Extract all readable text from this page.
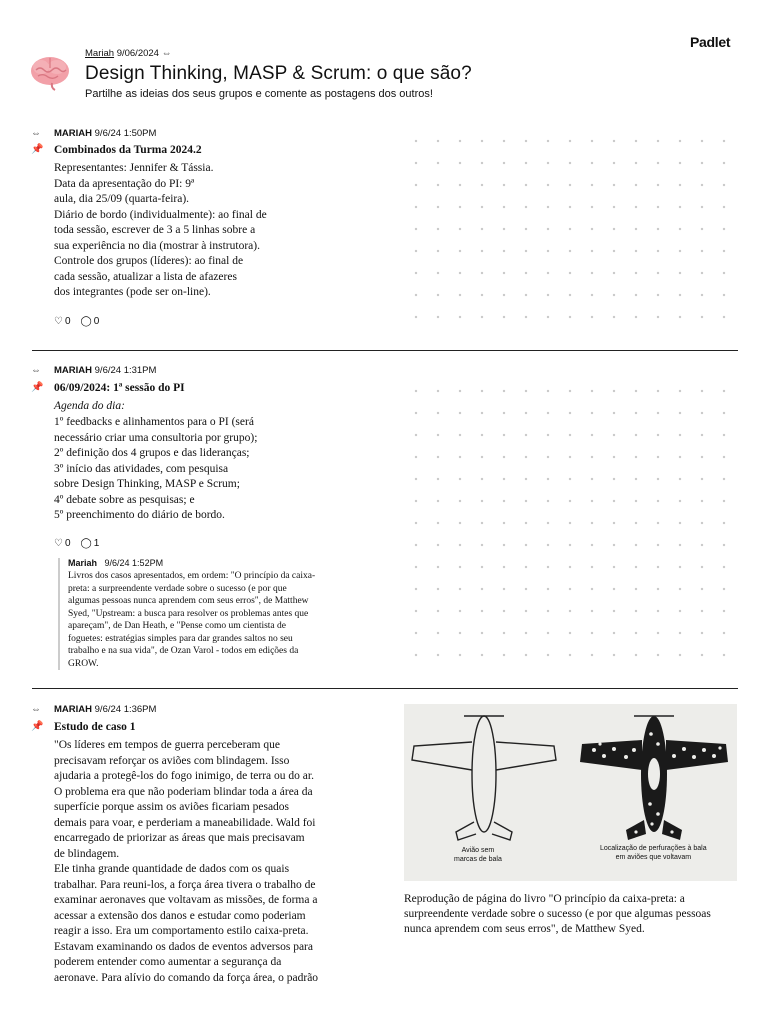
Padlet
Mariah 9/06/2024 ⇔
Design Thinking, MASP & Scrum: o que são?
Partilhe as ideias dos seus grupos e comente as postagens dos outros!
⇔ MARIAH 9/6/24 1:50PM
📌 Combinados da Turma 2024.2
Representantes: Jennifer & Tássia.
Data da apresentação do PI: 9ª
aula, dia 25/09 (quarta-feira).
Diário de bordo (individualmente): ao final de
toda sessão, escrever de 3 a 5 linhas sobre a
sua experiência no dia (mostrar à instrutora).
Controle dos grupos (líderes): ao final de
cada sessão, atualizar a lista de afazeres
dos integrantes (pode ser on-line).
♡ 0 ◯ 0
⇔ MARIAH 9/6/24 1:31PM
📌 06/09/2024: 1ª sessão do PI
Agenda do dia:
1º feedbacks e alinhamentos para o PI (será
necessário criar uma consultoria por grupo);
2º definição dos 4 grupos e das lideranças;
3º início das atividades, com pesquisa
sobre Design Thinking, MASP e Scrum;
4º debate sobre as pesquisas; e
5º preenchimento do diário de bordo.
♡ 0 ◯ 1
Mariah 9/6/24 1:52PM
Livros dos casos apresentados, em ordem: "O princípio da caixa-
preta: a surpreendente verdade sobre o sucesso (e por que
algumas pessoas nunca aprendem com seus erros", de Matthew
Syed, "Upstream: a busca para resolver os problemas antes que
apareçam", de Dan Heath, e "Pense como um cientista de
foguetes: estratégias simples para dar grandes saltos no seu
trabalho e na sua vida", de Ozan Varol - todos em edições da
GROW.
⇔ MARIAH 9/6/24 1:36PM
📌 Estudo de caso 1
"Os líderes em tempos de guerra perceberam que
precisavam reforçar os aviões com blindagem. Isso
ajudaria a protegê-los do fogo inimigo, de terra ou do ar.
O problema era que não poderiam blindar toda a área da
superfície porque assim os aviões ficariam pesados
demais para voar, e perderiam a maneabilidade. Wald foi
encarregado de priorizar as áreas que mais precisavam
de blindagem.
Ele tinha grande quantidade de dados com os quais
trabalhar. Para reuni-los, a força área tivera o trabalho de
examinar aeronaves que voltavam as missões, de forma a
acessar a extensão dos danos e estudar como poderiam
reagir a isso. Era um comportamento estilo caixa-preta.
Estavam examinando os dados de eventos adversos para
poderem entender como aumentar a segurança da
aeronave. Para alívio do comando da força área, o padrão
Avião sem
marcas de bala
Localização de perfurações à bala
em aviões que voltavam
Reprodução de página do livro "O princípio da caixa-preta: a surpreendente verdade sobre o sucesso (e por que algumas pessoas nunca aprendem com seus erros", de Matthew Syed.
